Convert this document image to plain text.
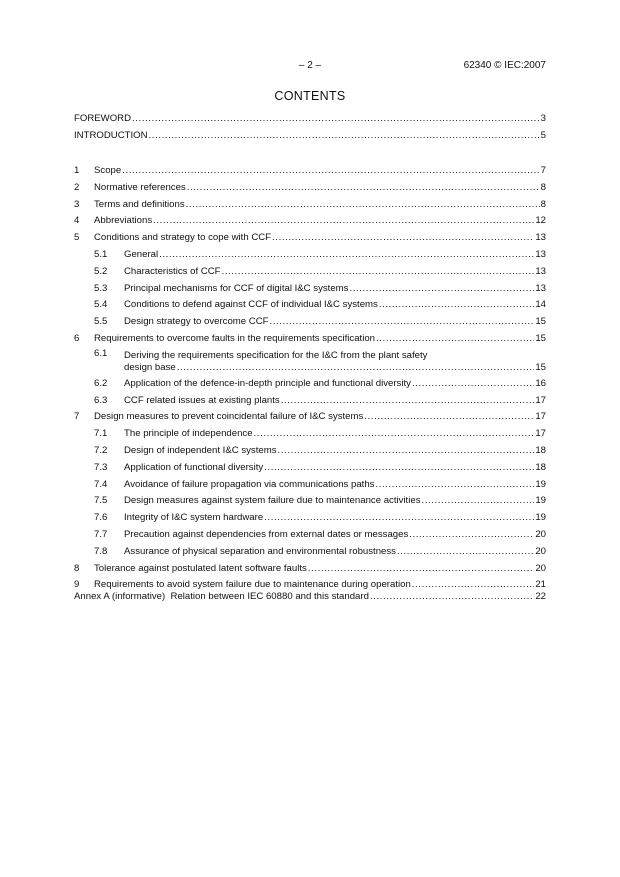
– 2 –	62340 © IEC:2007
CONTENTS
FOREWORD .....	3
INTRODUCTION .....	5
1 Scope .....	7
2 Normative references .....	8
3 Terms and definitions .....	8
4 Abbreviations .....	12
5 Conditions and strategy to cope with CCF .....	13
5.1 General .....	13
5.2 Characteristics of CCF .....	13
5.3 Principal mechanisms for CCF of digital I&C systems .....	13
5.4 Conditions to defend against CCF of individual I&C systems .....	14
5.5 Design strategy to overcome CCF .....	15
6 Requirements to overcome faults in the requirements specification .....	15
6.1 Deriving the requirements specification for the I&C from the plant safety
design base .....	15
6.2 Application of the defence-in-depth principle and functional diversity .....	16
6.3 CCF related issues at existing plants .....	17
7 Design measures to prevent coincidental failure of I&C systems .....	17
7.1 The principle of independence .....	17
7.2 Design of independent I&C systems .....	18
7.3 Application of functional diversity .....	18
7.4 Avoidance of failure propagation via communications paths .....	19
7.5 Design measures against system failure due to maintenance activities .....	19
7.6 Integrity of I&C system hardware .....	19
7.7 Precaution against dependencies from external dates or messages .....	20
7.8 Assurance of physical separation and environmental robustness .....	20
8 Tolerance against postulated latent software faults .....	20
9 Requirements to avoid system failure due to maintenance during operation .....	21
Annex A (informative)  Relation between IEC 60880 and this standard .....	22
